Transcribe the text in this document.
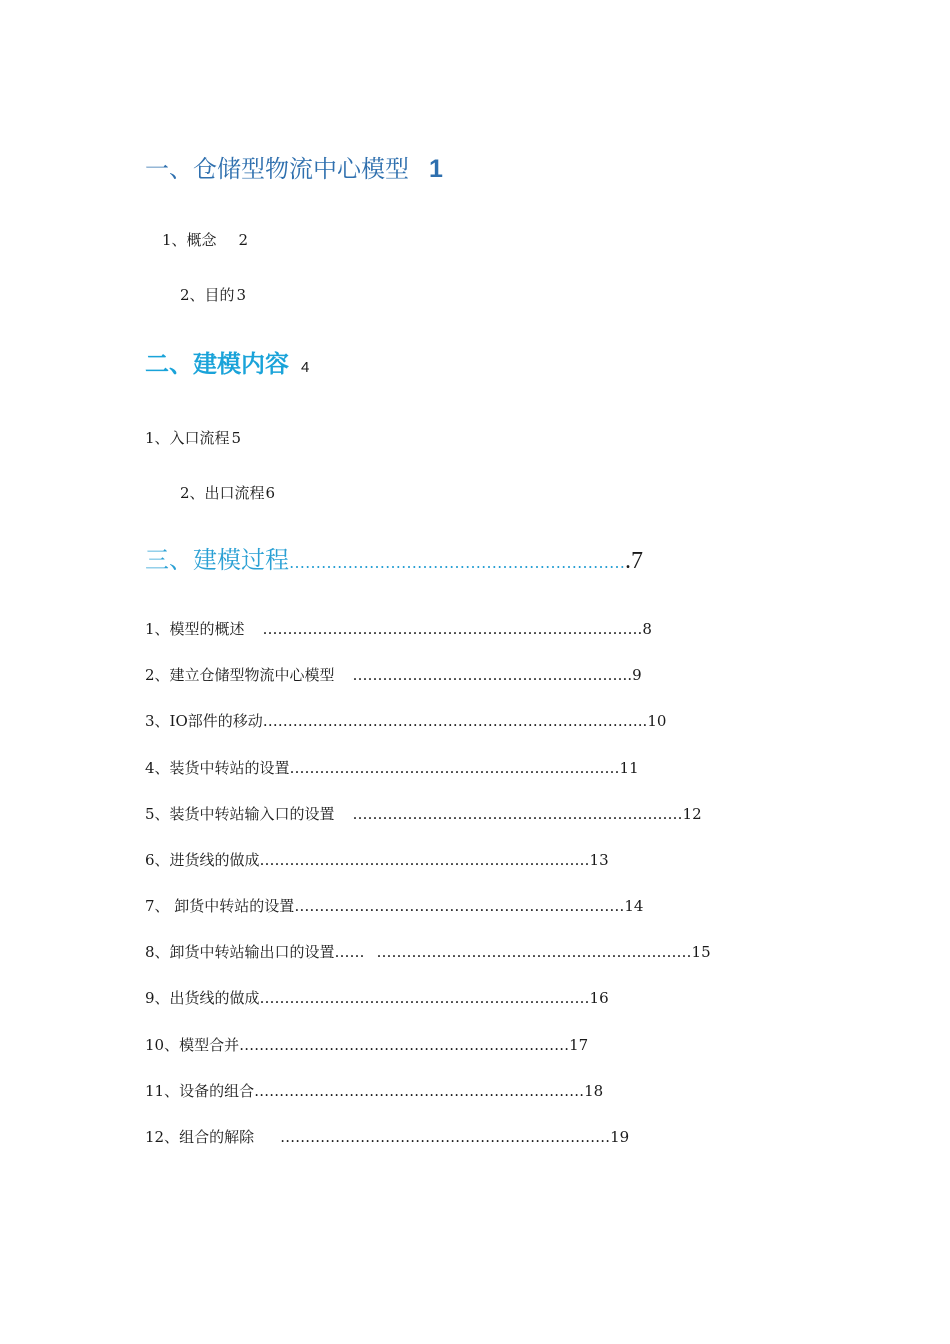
一、仓储型物流中心模型 1
1、概念 2
2、目的 3
二、建模内容 4
1、入口流程 5
2、出口流程6
三、建模过程……………………………………………………….7
1、模型的概述 ………………………………………………………………….8
2、建立仓储型物流中心模型 ………………………………………………..9
3、IO部件的移动…………………………………………………………………..10
4、装货中转站的设置…………………………………………………………11
5、装货中转站输入口的设置 …………………………………………………………12
6、进货线的做成…………………………………………………………13
7、 卸货中转站的设置…………………………………………………………14
8、卸货中转站输出口的设置…… ………………………………………………………15
9、出货线的做成…………………………………………………………16
10、模型合并…………………………………………………………17
11、设备的组合…………………………………………………………18
12、组合的解除 …………………………………………………………19
